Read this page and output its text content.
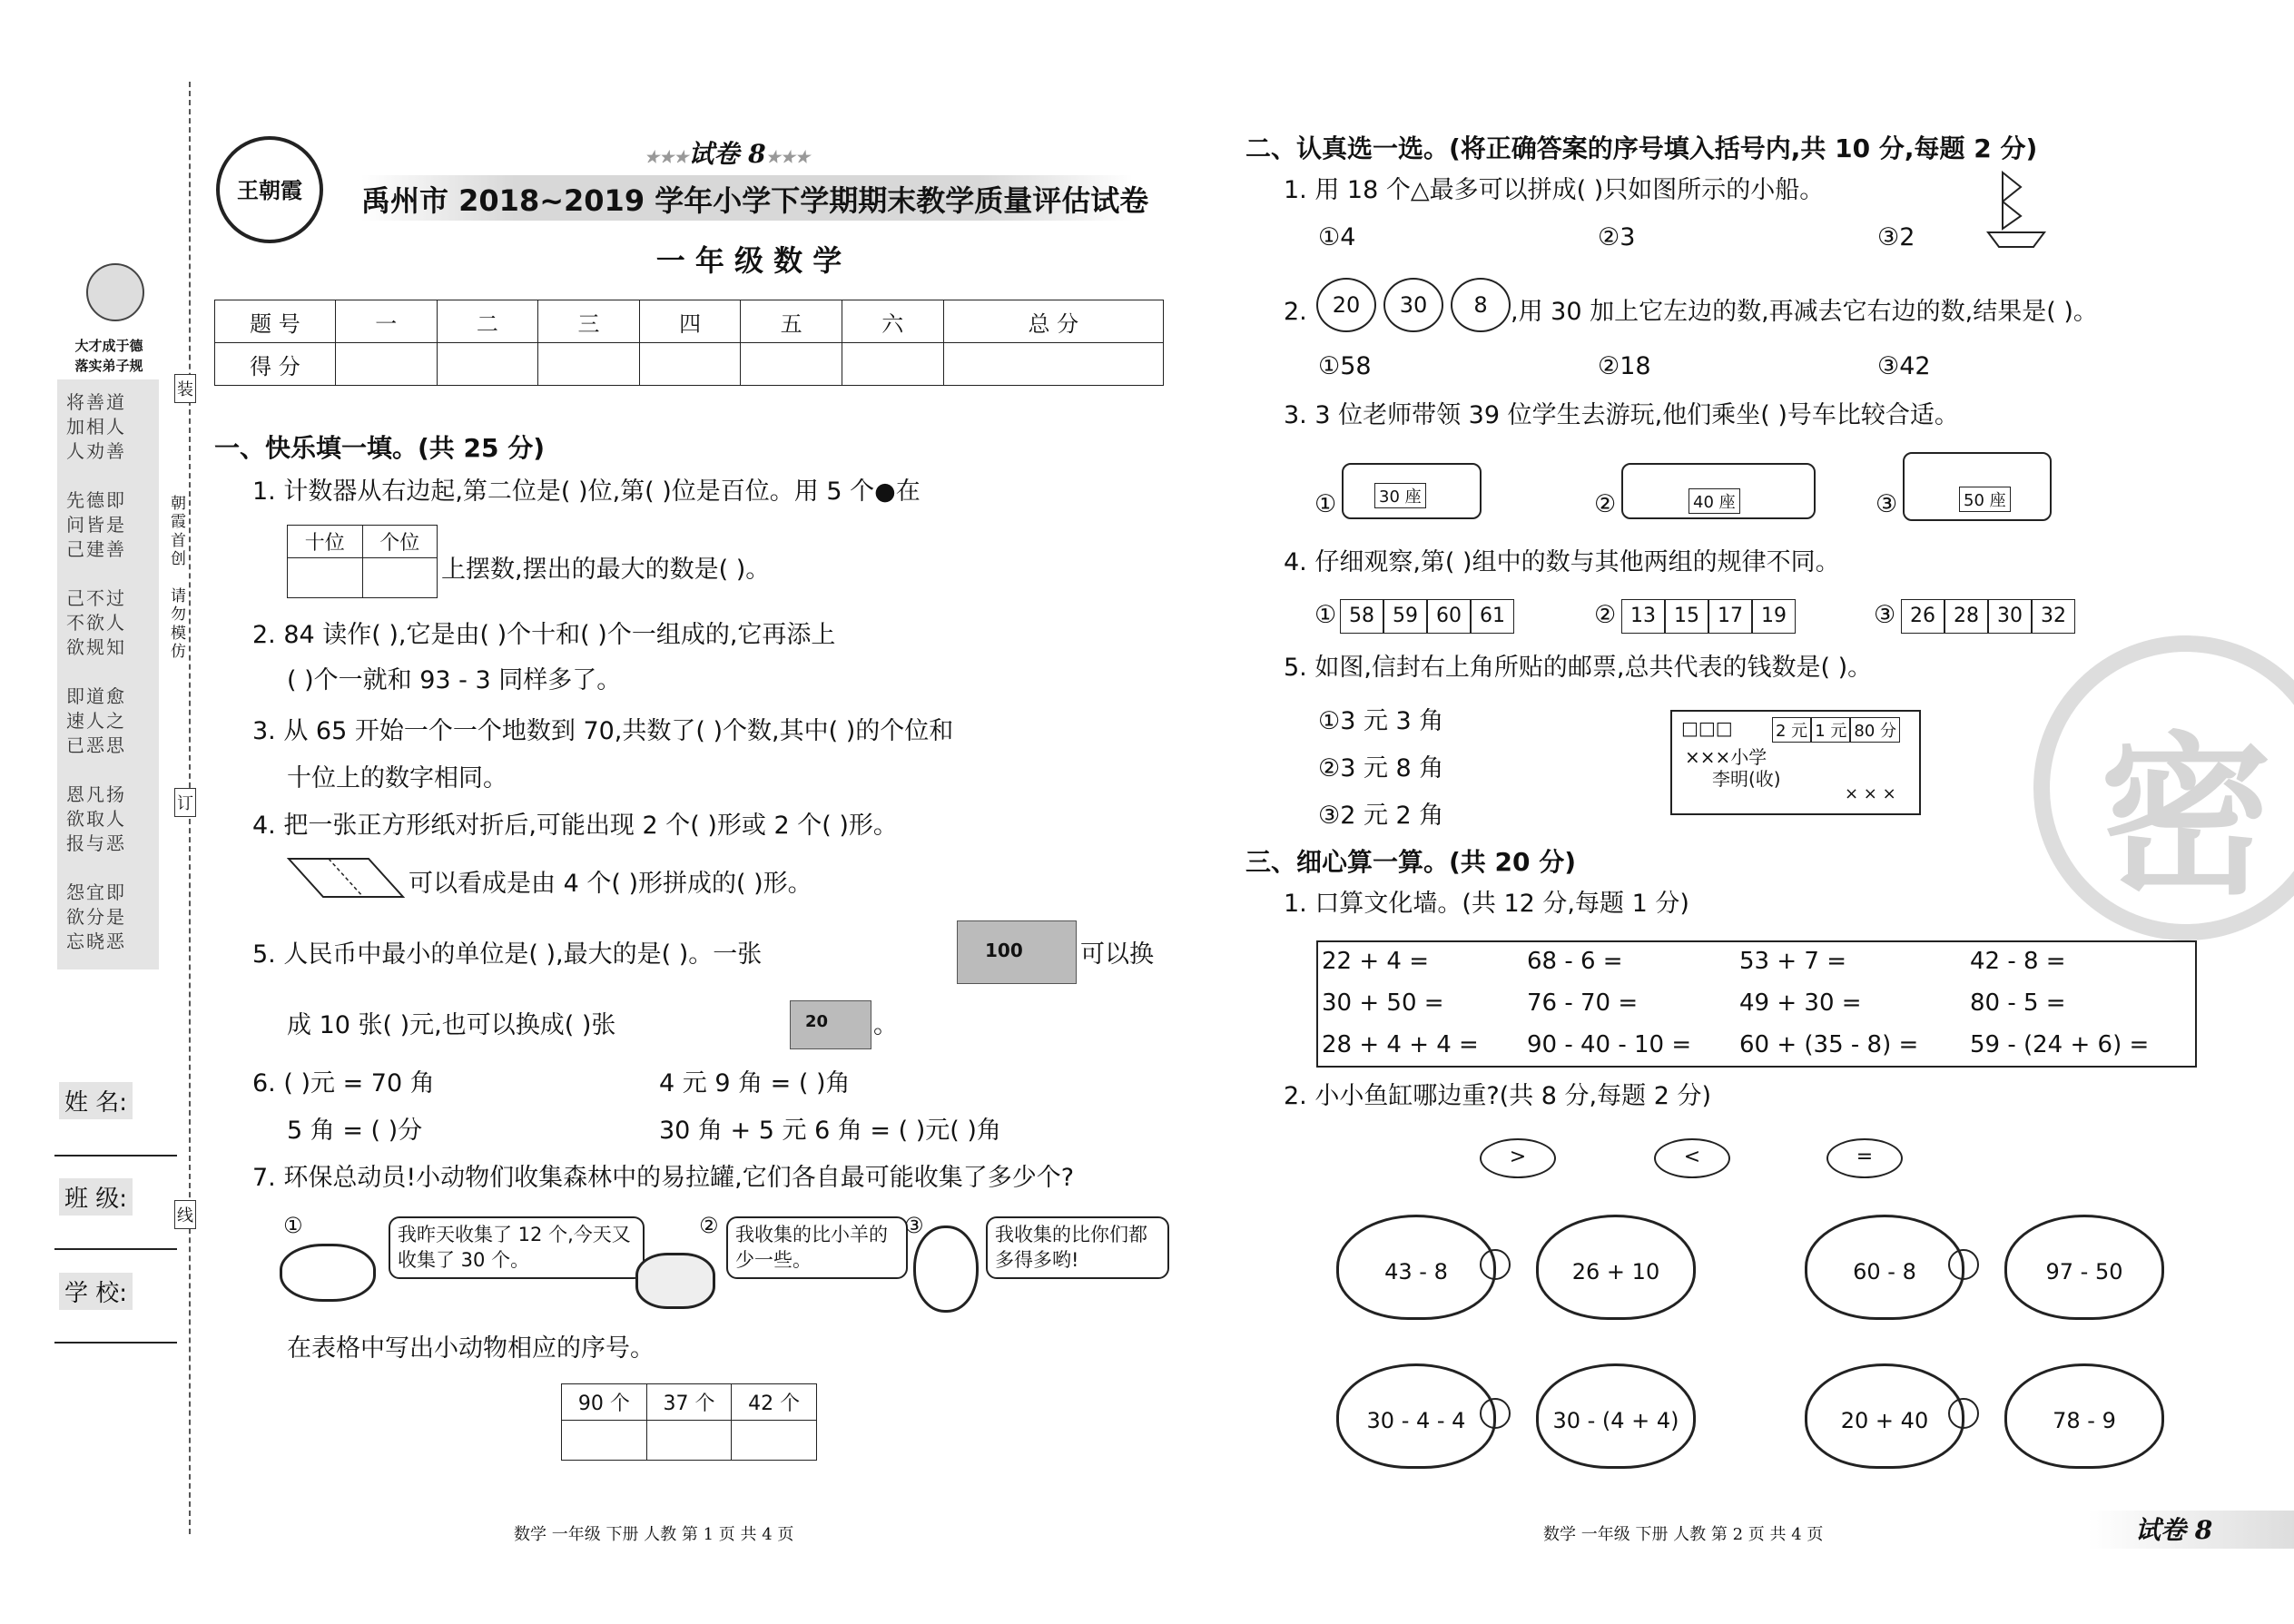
大才成于德
落实弟子规
将善道
加相人
人劝善

先德即
问皆是
己建善

己不过
不欲人
欲规知

即道愈
速人之
已恶思

恩凡扬
欲取人
报与恶

怨宜即
欲分是
忘晓恶
装
朝
霞
首
创

请
勿
模
仿
订
线
姓 名:
班 级:
学 校:
王朝霞
★★★试卷 8★★★
禹州市 2018~2019 学年小学下学期期末教学质量评估试卷
一 年 级 数 学
题 号	一	二	三	四	五	六	总 分
得 分							
一、快乐填一填。(共 25 分)
1. 计数器从右边起,第二位是( )位,第( )位是百位。用 5 个●在
十位	个位

上摆数,摆出的最大的数是( )。
2. 84 读作( ),它是由( )个十和( )个一组成的,它再添上
( )个一就和 93 - 3 同样多了。
3. 从 65 开始一个一个地数到 70,共数了( )个数,其中( )的个位和
十位上的数字相同。
4. 把一张正方形纸对折后,可能出现 2 个( )形或 2 个( )形。
可以看成是由 4 个( )形拼成的( )形。
5. 人民币中最小的单位是( ),最大的是( )。一张	100 可以换
成 10 张( )元,也可以换成( )张	20 。
6. ( )元 = 70 角	4 元 9 角 = ( )角
5 角 = ( )分	30 角 + 5 元 6 角 = ( )元( )角
7. 环保总动员!小动物们收集森林中的易拉罐,它们各自最可能收集了多少个?
①	我昨天收集了 12 个,今天又收集了 30 个。
② 我收集的比小羊的少一些。
③	我收集的比你们都多得多哟!
在表格中写出小动物相应的序号。
90 个	37 个	42 个

数学 一年级 下册 人教 第 1 页 共 4 页
密
二、认真选一选。(将正确答案的序号填入括号内,共 10 分,每题 2 分)
1. 用 18 个△最多可以拼成( )只如图所示的小船。
①4	②3	③2
2.	20	30	8 ,用 30 加上它左边的数,再减去它右边的数,结果是( )。
①58	②18	③42
3. 3 位老师带领 39 位学生去游玩,他们乘坐( )号车比较合适。
①	30 座	②	40 座	③	50 座
4. 仔细观察,第( )组中的数与其他两组的规律不同。
① 58 59 60 61	② 13 15 17 19	③ 26 28 30 32
5. 如图,信封右上角所贴的邮票,总共代表的钱数是( )。
①3 元 3 角
②3 元 8 角
③2 元 2 角
□□□	2 元 1 元 80 分
×××小学
李明(收)
× × ×
三、细心算一算。(共 20 分)
1. 口算文化墙。(共 12 分,每题 1 分)
22 + 4 =	68 - 6 =	53 + 7 =	42 - 8 =
30 + 50 =	76 - 70 =	49 + 30 =	80 - 5 =
28 + 4 + 4 = 90 - 40 - 10 = 60 + (35 - 8) = 59 - (24 + 6) =
2. 小小鱼缸哪边重?(共 8 分,每题 2 分)
>	<	=
43 - 8	26 + 10	60 - 8	97 - 50
30 - 4 - 4	30 - (4 + 4)	20 + 40	78 - 9
数学 一年级 下册 人教 第 2 页 共 4 页	试卷 8
